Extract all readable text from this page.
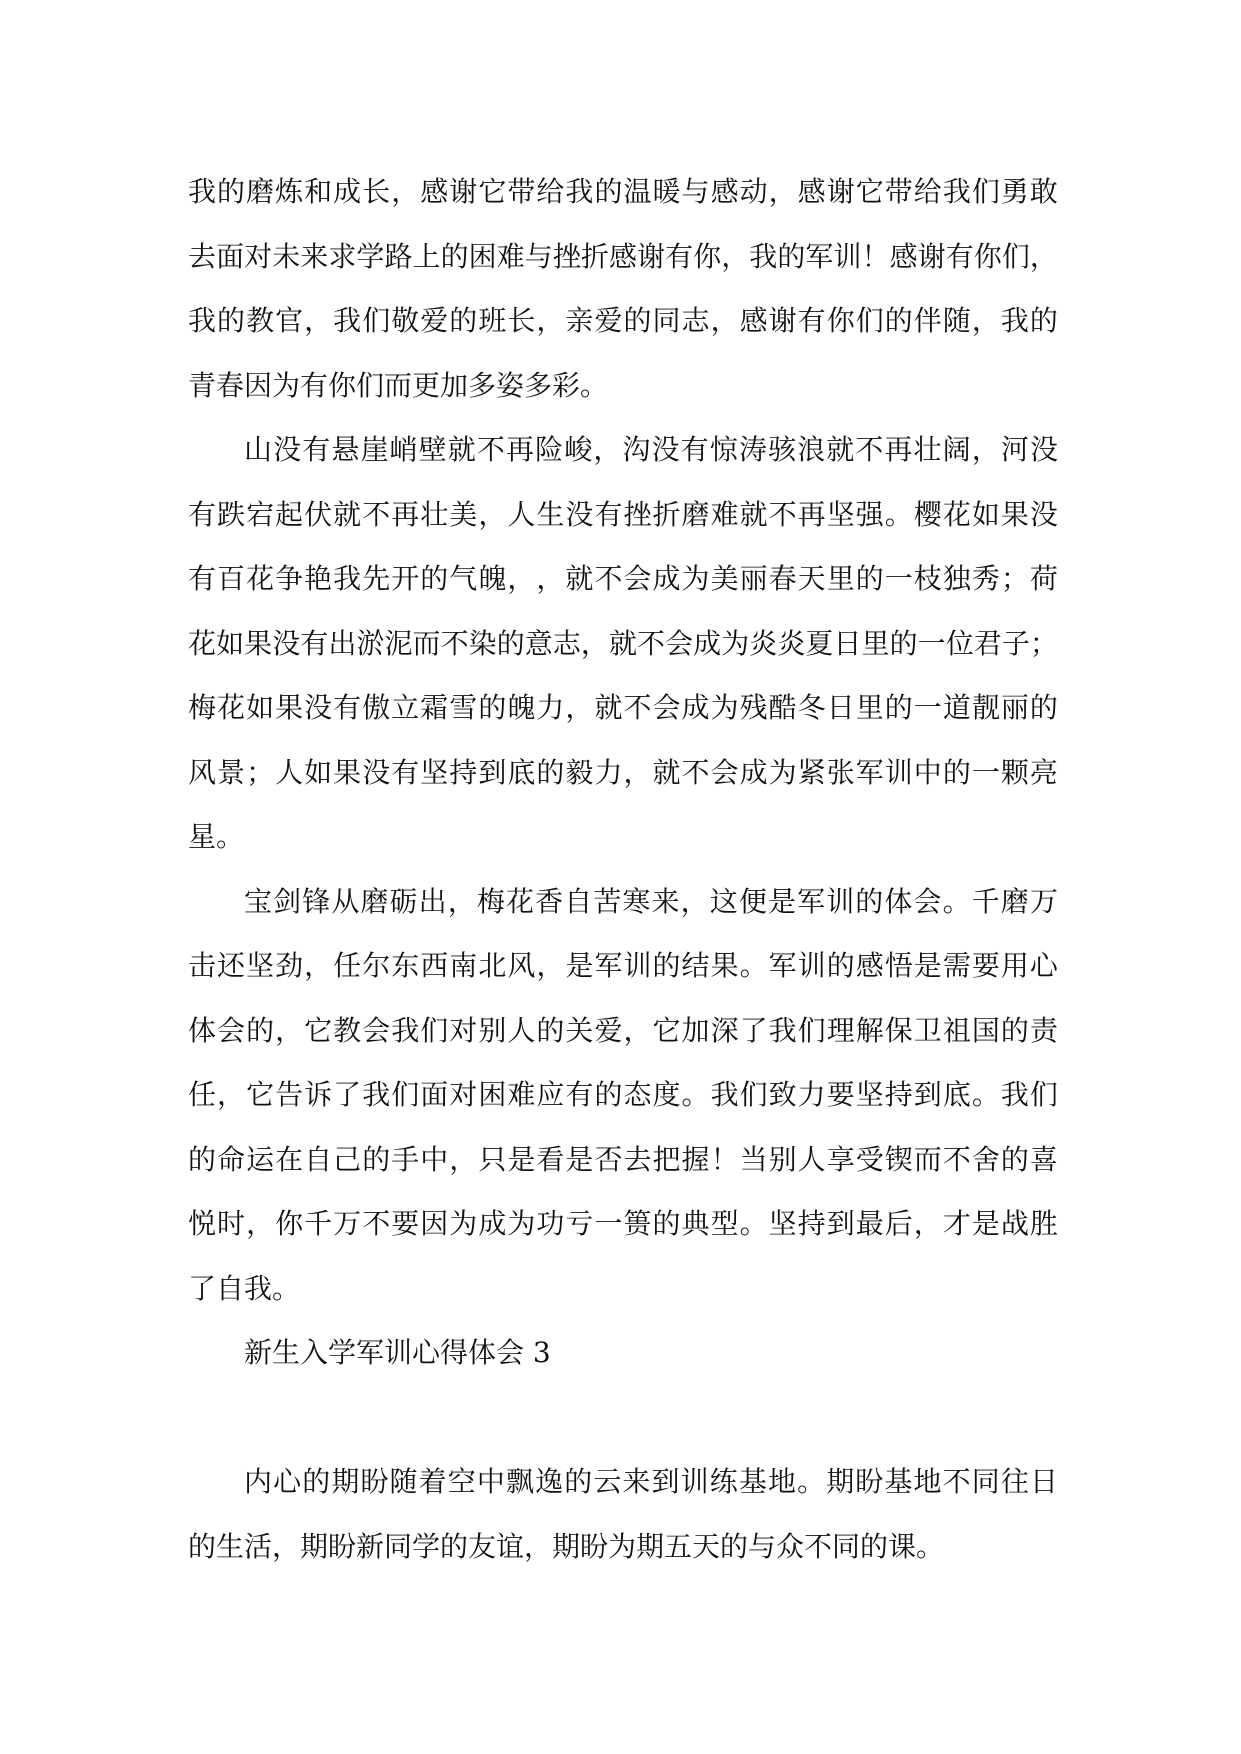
我 的 磨 炼 和 成 长 ， 感 谢 它 带 给 我 的 温 暖 与 感 动 ， 感 谢 它 带 给 我 们 勇 敢
去 面 对 未 来 求 学 路 上 的 困 难 与 挫 折 感 谢 有 你 ， 我 的 军 训 ！ 感 谢 有 你 们 ，
我 的 教 官 ， 我 们 敬 爱 的 班 长 ， 亲 爱 的 同 志 ， 感 谢 有 你 们 的 伴 随 ， 我 的
青春因为有你们而更加多姿多彩。
山 没 有 悬 崖 峭 壁 就 不 再 险 峻 ， 沟 没 有 惊 涛 骇 浪 就 不 再 壮 阔 ， 河 没
有 跌 宕 起 伏 就 不 再 壮 美 ， 人 生 没 有 挫 折 磨 难 就 不 再 坚 强 。 樱 花 如 果 没
有 百 花 争 艳 我 先 开 的 气 魄 ， ， 就 不 会 成 为 美 丽 春 天 里 的 一 枝 独 秀 ； 荷
花 如 果 没 有 出 淤 泥 而 不 染 的 意 志 ， 就 不 会 成 为 炎 炎 夏 日 里 的 一 位 君 子 ；
梅 花 如 果 没 有 傲 立 霜 雪 的 魄 力 ， 就 不 会 成 为 残 酷 冬 日 里 的 一 道 靓 丽 的
风 景 ； 人 如 果 没 有 坚 持 到 底 的 毅 力 ， 就 不 会 成 为 紧 张 军 训 中 的 一 颗 亮
星。
宝 剑 锋 从 磨 砺 出 ， 梅 花 香 自 苦 寒 来 ， 这 便 是 军 训 的 体 会 。 千 磨 万
击 还 坚 劲 ， 任 尔 东 西 南 北 风 ， 是 军 训 的 结 果 。 军 训 的 感 悟 是 需 要 用 心
体 会 的 ， 它 教 会 我 们 对 别 人 的 关 爱 ， 它 加 深 了 我 们 理 解 保 卫 祖 国 的 责
任 ， 它 告 诉 了 我 们 面 对 困 难 应 有 的 态 度 。 我 们 致 力 要 坚 持 到 底 。 我 们
的 命 运 在 自 己 的 手 中 ， 只 是 看 是 否 去 把 握 ！ 当 别 人 享 受 锲 而 不 舍 的 喜
悦 时 ， 你 千 万 不 要 因 为 成 为 功 亏 一 篑 的 典 型 。 坚 持 到 最 后 ， 才 是 战 胜
了自我。
新生入学军训心得体会 3
内 心 的 期 盼 随 着 空 中 飘 逸 的 云 来 到 训 练 基 地 。 期 盼 基 地 不 同 往 日
的生活，期盼新同学的友谊，期盼为期五天的与众不同的课。
